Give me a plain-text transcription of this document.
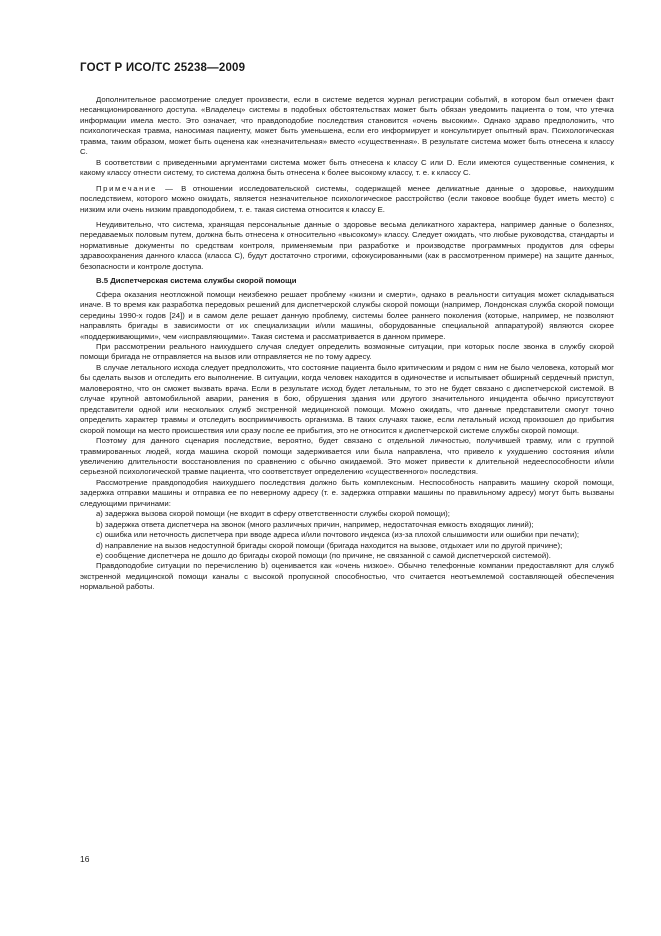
ГОСТ Р ИСО/ТС 25238—2009

Дополнительное рассмотрение следует произвести, если в системе ведется журнал регистрации событий, в котором был отмечен факт несанкционированного доступа. «Владелец» системы в подобных обстоятельствах может быть обязан уведомить пациента о том, что утечка информации имела место. Это означает, что правдоподобие последствия становится «очень высоким». Однако здраво предположить, что психологическая травма, наносимая пациенту, может быть уменьшена, если его информирует и консультирует опытный врач. Психологическая травма, таким образом, может быть оценена как «незначительная» вместо «существенная». В результате система может быть отнесена к классу С.

В соответствии с приведенными аргументами система может быть отнесена к классу С или D. Если имеются существенные сомнения, к какому классу отнести систему, то система должна быть отнесена к более высокому классу, т. е. к классу С.

Примечание — В отношении исследовательской системы, содержащей менее деликатные данные о здоровье, наихудшим последствием, которого можно ожидать, является незначительное психологическое расстройство (если таковое вообще будет иметь место) с низким или очень низким правдоподобием, т. е. такая система относится к классу Е.

Неудивительно, что система, хранящая персональные данные о здоровье весьма деликатного характера, например данные о болезнях, передаваемых половым путем, должна быть отнесена к относительно «высокому» классу. Следует ожидать, что любые руководства, стандарты и нормативные документы по средствам контроля, применяемым при разработке и производстве программных продуктов для сферы здравоохранения данного класса (класса С), будут достаточно строгими, сфокусированными (как в рассмотренном примере) на защите данных, безопасности и контроле доступа.

В.5 Диспетчерская система службы скорой помощи

Сфера оказания неотложной помощи неизбежно решает проблему «жизни и смерти», однако в реальности ситуация может складываться иначе. В то время как разработка передовых решений для диспетчерской службы скорой помощи (например, Лондонская служба скорой помощи середины 1990-х годов [24]) и в самом деле решает данную проблему, системы более раннего поколения (которые, например, не позволяют направлять бригады в зависимости от их специализации и/или машины, оборудованные специальной аппаратурой) являются скорее «поддерживающими», чем «исправляющими». Такая система и рассматривается в данном примере.

При рассмотрении реального наихудшего случая следует определить возможные ситуации, при которых после звонка в службу скорой помощи бригада не отправляется на вызов или отправляется не по тому адресу.

В случае летального исхода следует предположить, что состояние пациента было критическим и рядом с ним не было человека, который мог бы сделать вызов и отследить его выполнение. В ситуации, когда человек находится в одиночестве и испытывает обширный сердечный приступ, маловероятно, что он сможет вызвать врача. Если в результате исход будет летальным, то это не будет связано с диспетчерской системой. В случае крупной автомобильной аварии, ранения в бою, обрушения здания или другого значительного инцидента обычно присутствуют представители одной или нескольких служб экстренной медицинской помощи. Можно ожидать, что данные представители смогут точно определить характер травмы и отследить восприимчивость организма. В таких случаях также, если летальный исход произошел до прибытия скорой помощи на место происшествия или сразу после ее прибытия, это не относится к диспетчерской системе службы скорой помощи.

Поэтому для данного сценария последствие, вероятно, будет связано с отдельной личностью, получившей травму, или с группой травмированных людей, когда машина скорой помощи задерживается или была направлена, что привело к ухудшению состояния и/или увеличению длительности восстановления по сравнению с обычно ожидаемой. Это может привести к длительной недееспособности и/или серьезной психологической травме пациента, что соответствует определению «существенного» последствия.

Рассмотрение правдоподобия наихудшего последствия должно быть комплексным. Неспособность направить машину скорой помощи, задержка отправки машины и отправка ее по неверному адресу (т. е. задержка отправки машины по правильному адресу) могут быть вызваны следующими причинами:

а) задержка вызова скорой помощи (не входит в сферу ответственности службы скорой помощи);

b) задержка ответа диспетчера на звонок (много различных причин, например, недостаточная емкость входящих линий);

с) ошибка или неточность диспетчера при вводе адреса и/или почтового индекса (из-за плохой слышимости или ошибки при печати);

d) направление на вызов недоступной бригады скорой помощи (бригада находится на вызове, отдыхает или по другой причине);

е) сообщение диспетчера не дошло до бригады скорой помощи (по причине, не связанной с самой диспетчерской системой).

Правдоподобие ситуации по перечислению b) оценивается как «очень низкое». Обычно телефонные компании предоставляют для служб экстренной медицинской помощи каналы с высокой пропускной способностью, что считается неотъемлемой составляющей обеспечения нормальной работы.

16
